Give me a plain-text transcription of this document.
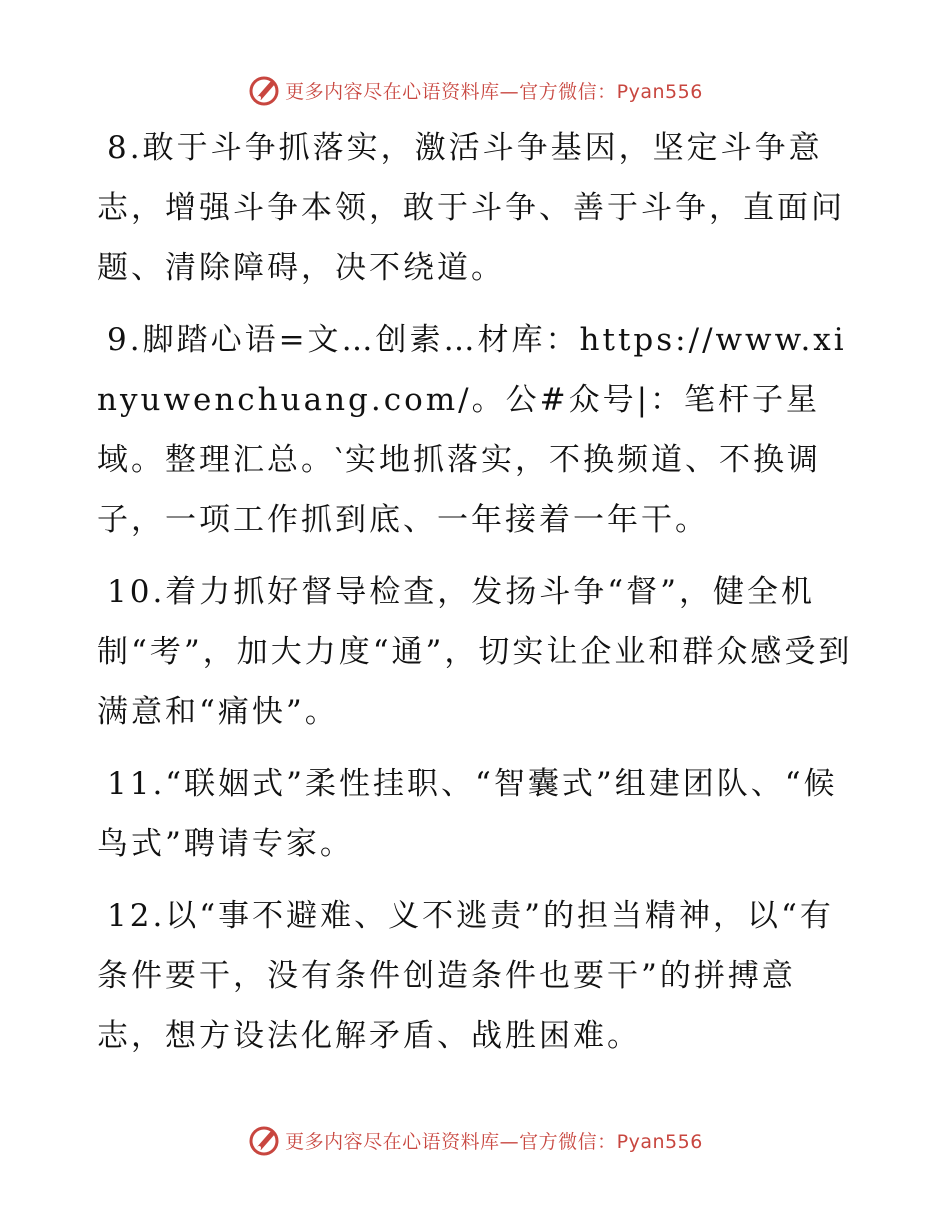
更多内容尽在心语资料库—官方微信：Pyan556

8.敢于斗争抓落实，激活斗争基因，坚定斗争意志，增强斗争本领，敢于斗争、善于斗争，直面问题、清除障碍，决不绕道。

9.脚踏心语=文…创素…材库：https://www.xinyuwenchuang.com/。公#众号|：笔杆子星域。整理汇总。‵实地抓落实，不换频道、不换调子，一项工作抓到底、一年接着一年干。

10.着力抓好督导检查，发扬斗争“督”，健全机制“考”，加大力度“通”，切实让企业和群众感受到满意和“痛快”。

11.“联姻式”柔性挂职、“智囊式”组建团队、“候鸟式”聘请专家。

12.以“事不避难、义不逃责”的担当精神，以“有条件要干，没有条件创造条件也要干”的拼搏意志，想方设法化解矛盾、战胜困难。

更多内容尽在心语资料库—官方微信：Pyan556
